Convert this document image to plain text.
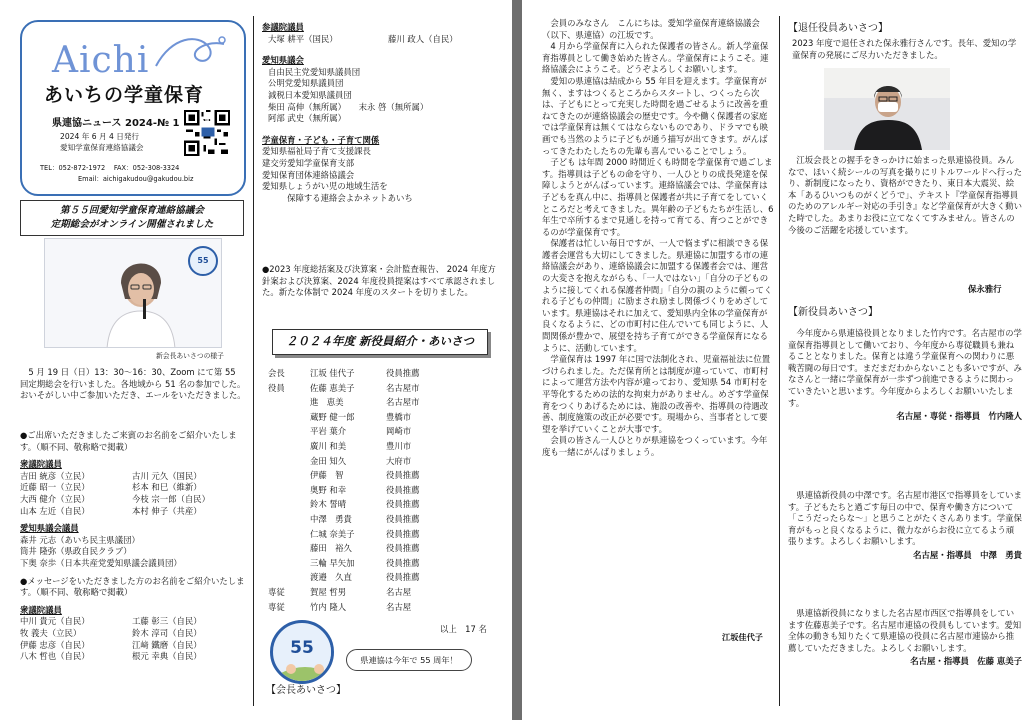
Aichi
あいちの学童保育
県連協ニュース 2024-№ 1
2024 年 6 月 4 日発行
愛知学童保育連絡協議会
TEL：052-872-1972　 FAX：052-308-3324
Email：aichigakudou@gakudou.biz
県連協
第５５回愛知学童保育連絡協議会
定期総会がオンライン開催されました
55
新会長あいさつの様子

5 月 19 日（日）13：30～16：30、Zoom にて第 55 回定期総会を行いました。各地域から 51 名の参加でした。おいそがしい中ご参加いただき、エールをいただきました。

●ご出席いただきましたご来賓のお名前をご紹介いたします。（順不同、敬称略で掲載）
衆議院議員
吉田 統彦（立民）	古川 元久（国民）
近藤 昭一（立民）	杉本 和巳（維新）
大西 健介（立民）	今枝 宗一郎（自民）
山本 左近（自民）	本村 伸子（共産）
愛知県議会議員
森井 元志（あいち民主県議団）
筒井 隆弥（県政自民クラブ）
下奥 奈歩（日本共産党愛知県議会議員団）
●メッセージをいただきました方のお名前をご紹介いたします。（順不同、敬称略で掲載）
衆議院議員
中川 貴元（自民）	工藤 彰三（自民）
牧 義夫（立民）	鈴木 淳司（自民）
伊藤 忠彦（自民）	江﨑 鐵磨（自民）
八木 哲也（自民）	根元 幸典（自民）
参議院議員
大塚 耕平（国民）	藤川 政人（自民）
愛知県議会
自由民主党愛知県議員団
公明党愛知県議員団
減税日本愛知県議員団
柴田 高伸（無所属）　　末永 啓（無所属）
阿部 武史（無所属）
学童保育・子ども・子育て関係
愛知県福祉局子育て支援課長
建交労愛知学童保育支部
愛知保育団体連絡協議会
愛知県しょうがい児の地域生活を
　　　保障する連絡会よかネットあいち
●2023 年度総括案及び決算案・会計監査報告、 2024 年度方針案および決算案、2024 年度役員提案はすべて承認されました。新たな体制で 2024 年度のスタートを切りました。
２０２４年度 新役員紹介・あいさつ
会長	江坂 佳代子	役員推薦
役員	佐藤 恵美子	名古屋市
進　恵美	名古屋市
蔵野 健一郎	豊橋市
平岩 葉介	岡崎市
廣川 和美	豊川市
金田 知久	大府市
伊藤　智	役員推薦
奥野 和幸	役員推薦
鈴木 誓晴	役員推薦
中澤　勇貴	役員推薦
仁城 奈美子	役員推薦
藤田　裕久	役員推薦
三輪 早矢加	役員推薦
渡邉　久直	役員推薦
専従	賀屋 哲男	名古屋
専従	竹内 隆人	名古屋
以上　17 名
55
県連協は今年で 55 周年！
【会長あいさつ】

会員のみなさん　こんにちは。愛知学童保育連絡協議会（以下、県連協）の江坂です。

4 月から学童保育に入られた保護者の皆さん。新人学童保育指導員として働き始めた皆さん。学童保育にようこそ。連絡協議会にようこそ。どうぞよろしくお願いします。

愛知の県連協は結成から 55 年目を迎えます。学童保育が無く、ますはつくるところからスタートし、つくったら次は、子どもにとって充実した時間を過ごせるように改善を重ねてきたのが連絡協議会の歴史です。今や働く保護者の家庭では学童保育は無くてはならないものであり、ドラマでも映画でも当然のように子どもが通う描写が出てきます。がんばってきたわたしたちの先輩も喜んでいることでしょう。

子ども は年間 2000 時間近くも時間を学童保育で過ごします。指導員は子どもの命を守り、一人ひとりの成長発達を保障しようとがんばっています。連絡協議会では、学童保育は子どもを真ん中に、指導員と保護者が共に子育てをしていくところだと考えてきました。異年齢の子どもたちが生活し、6 年生で卒所するまで見通しを持って育てる、育つことができるのが学童保育です。

保護者は忙しい毎日ですが、一人で悩まずに相談できる保護者会運営も大切にしてきました。県連協に加盟する市の連絡協議会があり、連絡協議会に加盟する保護者会では、運営の大変さを抱えながらも、「一人ではない」「自分の子どものように接してくれる保護者仲間」「自分の親のように頼ってくれる子どもの仲間」に励まされ励まし関係づくりをめざしています。県連協はそれに加えて、愛知県内全体の学童保育が良くなるように、どの市町村に住んでいても同じように、人間関係が豊かで、展望を持ち子育てができる学童保育になるように、活動しています。

学童保育は 1997 年に国で法制化され、児童福祉法に位置づけられました。ただ保育所とは制度が違っていて、市町村によって運営方法や内容が違っており、愛知県 54 市町村を平等化するための法的な拘束力がありません。めざす学童保育をつくりあげるためには、施設の改善や、指導員の待遇改善、制度施策の改正が必要です。現場から、当事者として要望を挙げていくことが大事です。

会員の皆さん一人ひとりが県連協をつくっています。今年度も一緒にがんばりましょう。

江坂佳代子
【退任役員あいさつ】
2023 年度で退任された保永雅行さんです。長年、愛知の学童保育の発展にご尽力いただきました。

江坂会長との握手をきっかけに始まった県連協役員。みんなで、ほいく続シールの写真を撮りにリトルワールドへ行ったり、新制度になったり、資格ができたり、東日本大震災、絵本「あるひいつものがくどうで」、テキスト『学童保育指導員のためのアレルギー対応の手引き』など学童保育が大きく動いた時でした。あまりお役に立てなくてすみません。皆さんの今後のご活躍を応援しています。

保永雅行
【新役員あいさつ】

今年度から県連協役員となりました竹内です。名古屋市の学童保育指導員として働いており、今年度から専従職員も兼ねることとなりました。保育とは違う学童保育への関わりに悪戦苦闘の毎日です。まだまだわからないことも多いですが、みなさんと一緒に学童保育が一歩ずつ前進できるように関わっていきたいと思います。今年度からよろしくお願いいたします。

名古屋・専従・指導員　竹内隆人

県連協新役員の中澤です。名古屋市港区で指導員をしています。子どもたちと過ごす毎日の中で、保育や働き方について「こうだったらな～」と思うことがたくさんあります。学童保育がもっと良くなるように、微力ながらお役に立てるよう頑張ります。よろしくお願いします。

名古屋・指導員　中澤　勇貴

県連協新役員になりました名古屋市西区で指導員をしています佐藤恵美子です。名古屋市連協の役員もしています。愛知全体の動きも知りたくて県連協の役員に名古屋市連協から推薦していただきました。よろしくお願いします。

名古屋・指導員　佐藤 恵美子
